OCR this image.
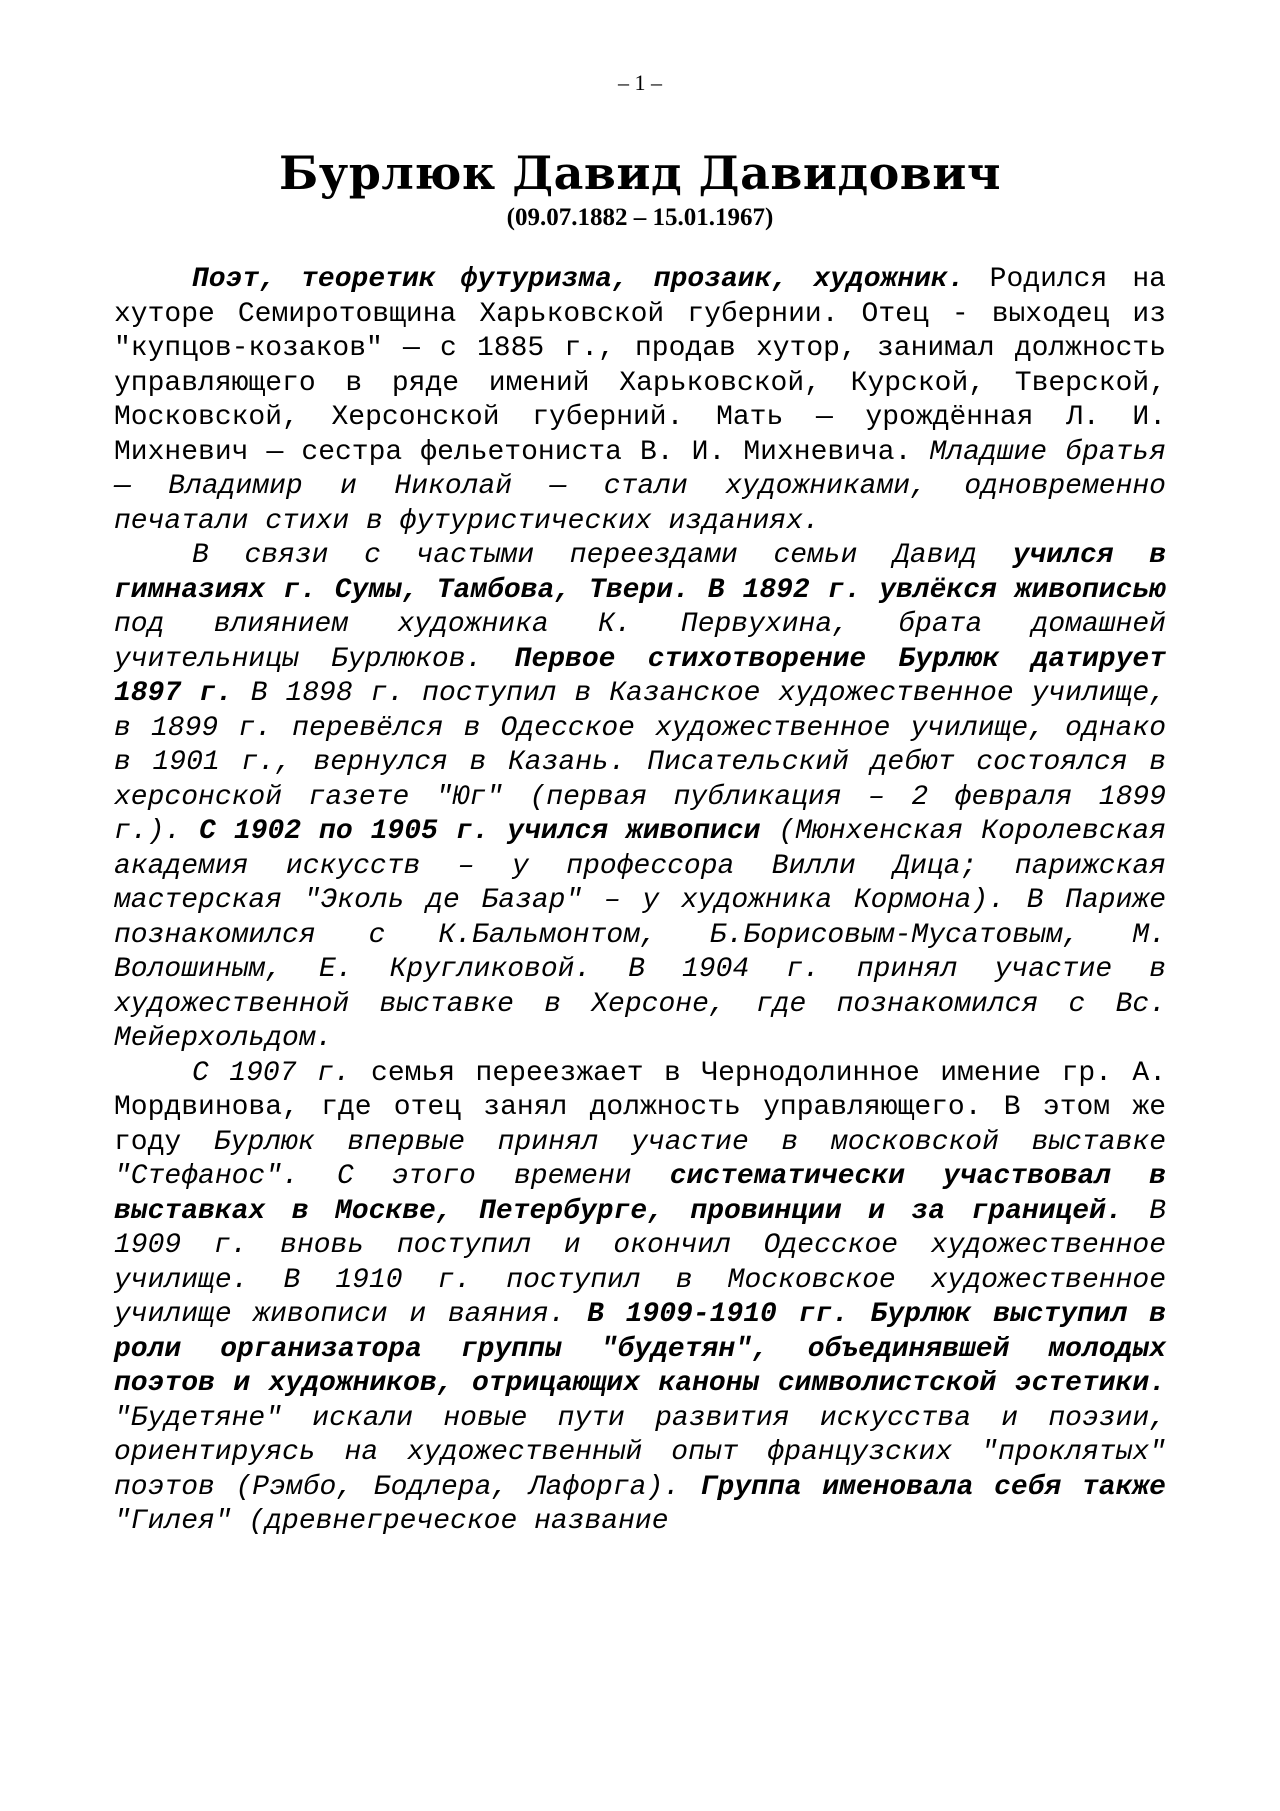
– 1 –
Бурлюк Давид Давидович
(09.07.1882 – 15.01.1967)

Поэт, теоретик футуризма, прозаик, художник. Родился на хуторе Семиротовщина Харьковской губернии. Отец - выходец из "купцов-козаков" — с 1885 г., продав хутор, занимал должность управляющего в ряде имений Харьковской, Курской, Тверской, Московской, Херсонской губерний. Мать — урождённая Л. И. Михневич — сестра фельетониста В. И. Михневича. Младшие братья — Владимир и Николай — стали художниками, одновременно печатали стихи в футуристических изданиях.

В связи с частыми переездами семьи Давид учился в гимназиях г. Сумы, Тамбова, Твери. В 1892 г. увлёкся живописью под влиянием художника К. Первухина, брата домашней учительницы Бурлюков. Первое стихотворение Бурлюк датирует 1897 г. В 1898 г. поступил в Казанское художественное училище, в 1899 г. перевёлся в Одесское художественное училище, однако в 1901 г., вернулся в Казань. Писательский дебют состоялся в херсонской газете "Юг" (первая публикация – 2 февраля 1899 г.). С 1902 по 1905 г. учился живописи (Мюнхенская Королевская академия искусств – у профессора Вилли Дица; парижская мастерская "Эколь де Базар" – у художника Кормона). В Париже познакомился с К.Бальмонтом, Б.Борисовым-Мусатовым, М. Волошиным, Е. Кругликовой. В 1904 г. принял участие в художественной выставке в Херсоне, где познакомился с Вс. Мейерхольдом.

С 1907 г. семья переезжает в Чернодолинное имение гр. А. Мордвинова, где отец занял должность управляющего. В этом же году Бурлюк впервые принял участие в московской выставке "Стефанос". С этого времени систематически участвовал в выставках в Москве, Петербурге, провинции и за границей. В 1909 г. вновь поступил и окончил Одесское художественное училище. В 1910 г. поступил в Московское художественное училище живописи и ваяния. В 1909-1910 гг. Бурлюк выступил в роли организатора группы "будетян", объединявшей молодых поэтов и художников, отрицающих каноны символистской эстетики. "Будетяне" искали новые пути развития искусства и поэзии, ориентируясь на художественный опыт французских "проклятых" поэтов (Рэмбо, Бодлера, Лафорга). Группа именовала себя также "Гилея" (древнегреческое название
